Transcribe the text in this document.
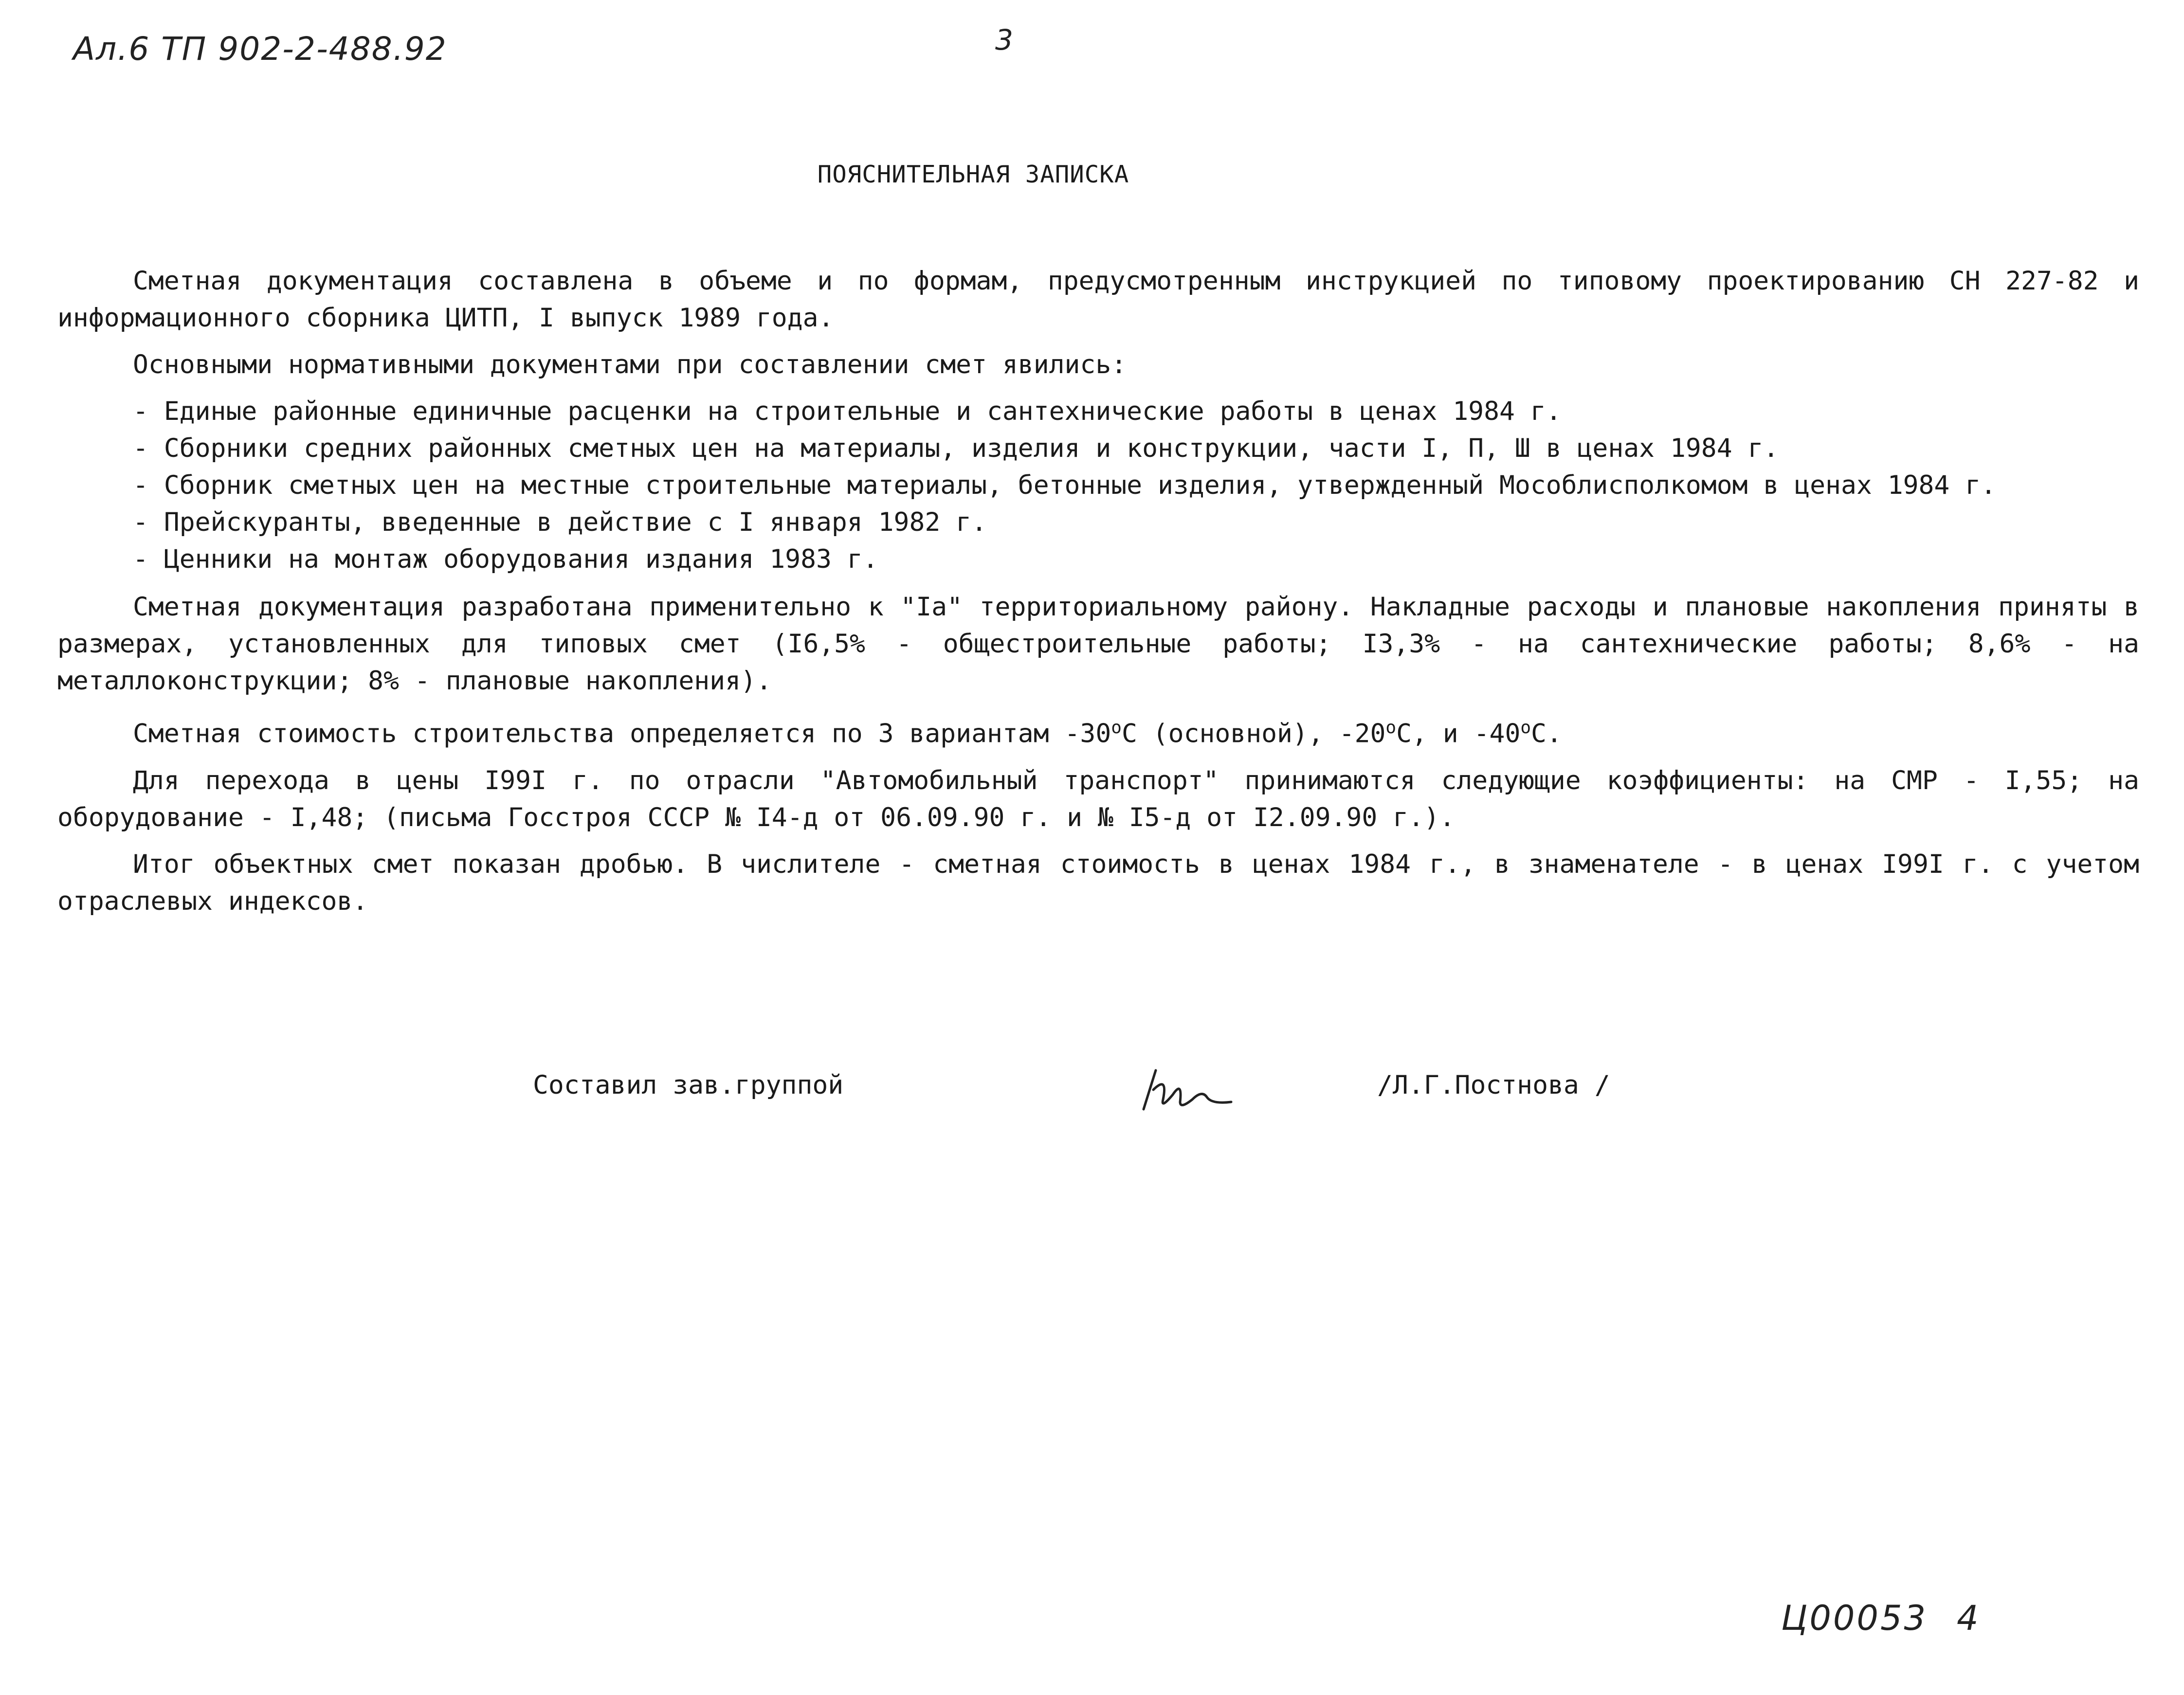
Ал.6 ТП 902-2-488.92	3
ПОЯСНИТЕЛЬНАЯ ЗАПИСКА

Сметная документация составлена в объеме и по формам, предусмотренным инструкцией по типовому проектированию СН 227-82 и информационного сборника ЦИТП, I выпуск 1989 года.

Основными нормативными документами при составлении смет явились:

- Единые районные единичные расценки на строительные и сантехнические работы в ценах 1984 г.
- Сборники средних районных сметных цен на материалы, изделия и конструкции, части I, П, Ш в ценах 1984 г.
- Сборник сметных цен на местные строительные материалы, бетонные изделия, утвержденный Мособлисполкомом в ценах 1984 г.
- Прейскуранты, введенные в действие с I января 1982 г.
- Ценники на монтаж оборудования издания 1983 г.

Сметная документация разработана применительно к "Iа" территориальному району. Накладные расходы и плановые накопления приняты в размерах, установленных для типовых смет (I6,5% - общестроительные работы; I3,3% - на сантехнические работы; 8,6% - на металлоконструкции; 8% - плановые накопления).

Сметная стоимость строительства определяется по 3 вариантам $-30^оС$ (основной), $-20^оС$, и $-40^оС$.

Для перехода в цены I99I г. по отрасли "Автомобильный транспорт" принимаются следующие коэффициенты: на СМР - I,55; на оборудование - I,48; (письма Госстроя СССР № I4-д от 06.09.90 г. и № I5-д от I2.09.90 г.).

Итог объектных смет показан дробью. В числителе - сметная стоимость в ценах 1984 г., в знаменателе - в ценах I99I г. с учетом отраслевых индексов.

Составил зав.группой	/Л.Г.Постнова /
Ц00053 4
